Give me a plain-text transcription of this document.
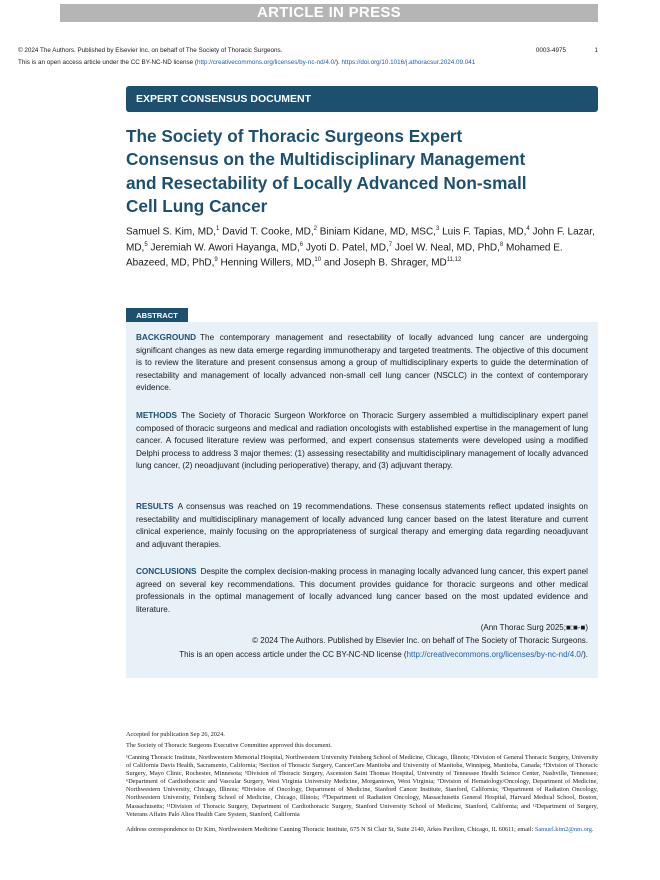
ARTICLE IN PRESS
© 2024 The Authors. Published by Elsevier Inc. on behalf of The Society of Thoracic Surgeons.	0003-4975	1
This is an open access article under the CC BY-NC-ND license (http://creativecommons.org/licenses/by-nc-nd/4.0/). https://doi.org/10.1016/j.athoracsur.2024.09.041
EXPERT CONSENSUS DOCUMENT
The Society of Thoracic Surgeons Expert Consensus on the Multidisciplinary Management and Resectability of Locally Advanced Non-small Cell Lung Cancer
Samuel S. Kim, MD,$^1$ David T. Cooke, MD,$^2$ Biniam Kidane, MD, MSC,$^3$ Luis F. Tapias, MD,$^4$ John F. Lazar, MD,$^5$ Jeremiah W. Awori Hayanga, MD,$^6$ Jyoti D. Patel, MD,$^7$ Joel W. Neal, MD, PhD,$^8$ Mohamed E. Abazeed, MD, PhD,$^9$ Henning Willers, MD,$^{10}$ and Joseph B. Shrager, MD$^{11,12}$
ABSTRACT
BACKGROUND The contemporary management and resectability of locally advanced lung cancer are undergoing significant changes as new data emerge regarding immunotherapy and targeted treatments. The objective of this document is to review the literature and present consensus among a group of multidisciplinary experts to guide the determination of resectability and management of locally advanced non-small cell lung cancer (NSCLC) in the context of contemporary evidence.
METHODS The Society of Thoracic Surgeon Workforce on Thoracic Surgery assembled a multidisciplinary expert panel composed of thoracic surgeons and medical and radiation oncologists with established expertise in the management of lung cancer. A focused literature review was performed, and expert consensus statements were developed using a modified Delphi process to address 3 major themes: (1) assessing resectability and multidisciplinary management of locally advanced lung cancer, (2) neoadjuvant (including perioperative) therapy, and (3) adjuvant therapy.
RESULTS A consensus was reached on 19 recommendations. These consensus statements reflect updated insights on resectability and multidisciplinary management of locally advanced lung cancer based on the latest literature and current clinical experience, mainly focusing on the appropriateness of surgical therapy and emerging data regarding neoadjuvant and adjuvant therapies.
CONCLUSIONS Despite the complex decision-making process in managing locally advanced lung cancer, this expert panel agreed on several key recommendations. This document provides guidance for thoracic surgeons and other medical professionals in the optimal management of locally advanced lung cancer based on the most updated evidence and literature.
(Ann Thorac Surg 2025;■:■-■)
© 2024 The Authors. Published by Elsevier Inc. on behalf of The Society of Thoracic Surgeons.
This is an open access article under the CC BY-NC-ND license (http://creativecommons.org/licenses/by-nc-nd/4.0/).
Accepted for publication Sep 26, 2024.
The Society of Thoracic Surgeons Executive Committee approved this document.
¹Canning Thoracic Institute, Northwestern Memorial Hospital, Northwestern University Feinberg School of Medicine, Chicago, Illinois; ²Division of General Thoracic Surgery, University of California Davis Health, Sacramento, California; ³Section of Thoracic Surgery, CancerCare Manitoba and University of Manitoba, Winnipeg, Manitoba, Canada; ⁴Division of Thoracic Surgery, Mayo Clinic, Rochester, Minnesota; ⁵Division of Thoracic Surgery, Ascension Saint Thomas Hospital, University of Tennessee Health Science Center, Nashville, Tennessee; ⁶Department of Cardiothoracic and Vascular Surgery, West Virginia University Medicine, Morgantown, West Virginia; ⁷Division of Hematology/Oncology, Department of Medicine, Northwestern University, Chicago, Illinois; ⁸Division of Oncology, Department of Medicine, Stanford Cancer Institute, Stanford, California; ⁹Department of Radiation Oncology, Northwestern University, Feinberg School of Medicine, Chicago, Illinois; ¹⁰Department of Radiation Oncology, Massachusetts General Hospital, Harvard Medical School, Boston, Massachusetts; ¹¹Division of Thoracic Surgery, Department of Cardiothoracic Surgery, Stanford University School of Medicine, Stanford, California; and ¹²Department of Surgery, Veterans Affairs Palo Altos Health Care System, Stanford, California
Address correspondence to Dr Kim, Northwestern Medicine Canning Thoracic Institute, 675 N St Clair St, Suite 2140, Arkes Pavilion, Chicago, IL 60611; email: Samuel.kim2@nm.org.
